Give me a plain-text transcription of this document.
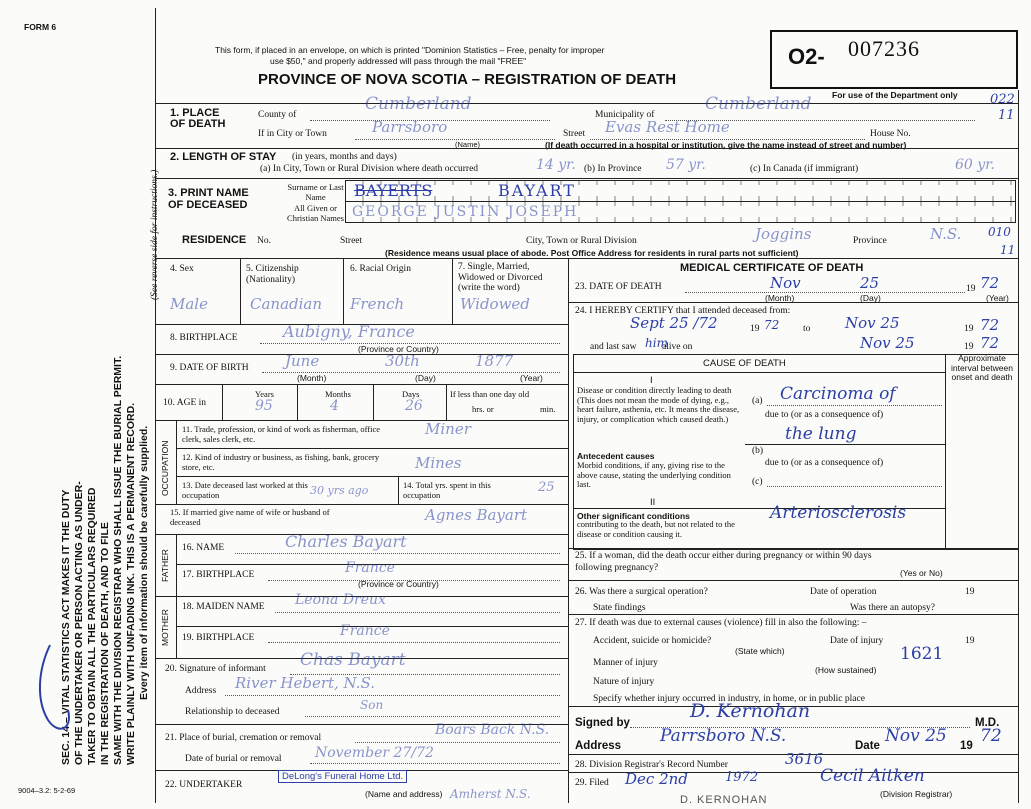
FORM 6
SEC. 14 – VITAL STATISTICS ACT MAKES IT THE DUTY OF THE UNDERTAKER OR PERSON ACTING AS UNDER- TAKER TO OBTAIN ALL THE PARTICULARS REQUIRED IN THE REGISTRATION OF DEATH, AND TO FILE SAME WITH THE DIVISION REGISTRAR WHO SHALL ISSUE THE BURIAL PERMIT. WRITE PLAINLY WITH UNFADING INK. THIS IS A PERMANENT RECORD. Every item of information should be carefully supplied.
(See reverse side for instructions.)
9004–3.2: 5-2-69
This form, if placed in an envelope, on which is printed "Dominion Statistics – Free, penalty for improper
use $50," and properly addressed will pass through the mail "FREE"
PROVINCE OF NOVA SCOTIA – REGISTRATION OF DEATH
O2- 007236
For use of the Department only 022
11
1. PLACE OF DEATH
County of
Cumberland
Municipality of
Cumberland
If in City or Town	Parrsboro
(Name)
Street Evas Rest Home	House No.
(If death occurred in a hospital or institution, give the name instead of street and number)
2. LENGTH OF STAY (in years, months and days)
(a) In City, Town or Rural Division where death occurred	14 yr. (b) In Province 57 yr.	(c) In Canada (if immigrant)	60 yr.
3. PRINT NAME OF DECEASED
Surname or Last Name
All Given or Christian Names
BAYERTS	BAYART
GEORGE JUSTIN JOSEPH
RESIDENCE No.	Street	City, Town or Rural Division	Joggins	Province	N.S. 010
11
(Residence means usual place of abode. Post Office Address for residents in rural parts not sufficient)
4. Sex	5. Citizenship (Nationality)
6. Racial Origin	7. Single, Married, Widowed or Divorced (write the word)
Male	Canadian French	Widowed
8. BIRTHPLACE	Aubigny, France
(Province or Country)
9. DATE OF BIRTH June	30th	1877
(Month)	(Day)	(Year)
10. AGE in
Years	Months	Days
95	4	26
If less than one day old
hrs. or	min.
OCCUPATION
11. Trade, profession, or kind of work as fisherman, office clerk, sales clerk, etc.
Miner
12. Kind of industry or business, as fishing, bank, grocery store, etc.	Mines
13. Date deceased last worked at this occupation	30 yrs ago	14. Total yrs. spent in this occupation	25
15. If married give name of wife or husband of deceased	Agnes Bayart
FATHER
16. NAME	Charles Bayart
17. BIRTHPLACE	France
(Province or Country)
MOTHER
18. MAIDEN NAME Leona Dreux
19. BIRTHPLACE	France
20. Signature of informant Chas Bayart
Address River Hebert, N.S.
Relationship to deceased	Son
21. Place of burial, cremation or removal	Boars Back N.S.
Date of burial or removal November 27/72
22. UNDERTAKER
DeLong's Funeral Home Ltd.
(Name and address) Amherst N.S.
MEDICAL CERTIFICATE OF DEATH
23. DATE OF DEATH	Nov	25	19 72
(Month)	(Day)	(Year)
24. I HEREBY CERTIFY that I attended deceased from:
Sept 25 /72	19 72 to Nov 25	19 72
and last saw him
alive on	Nov 25	19 72
CAUSE OF DEATH	Approximate interval between onset and death
I
Disease or condition directly leading to death (This does not mean the mode of dying, e.g., heart failure, asthenia, etc. It means the disease, injury, or complication which caused death.)
(a) Carcinoma of
due to (or as a consequence of)
the lung
(b)
Antecedent causes
Morbid conditions, if any, giving rise to the above cause, stating the underlying condition last.
due to (or as a consequence of)
(c)
II
Other significant conditions
contributing to the death, but not related to the disease or condition causing it.
Arteriosclerosis
25. If a woman, did the death occur either during pregnancy or within 90 days following pregnancy?	(Yes or No)
26. Was there a surgical operation?	Date of operation	19
State findings	Was there an autopsy?
27. If death was due to external causes (violence) fill in also the following: –
Accident, suicide or homicide?	Date of injury	19
(State which)	1621
Manner of injury
(How sustained)
Nature of injury
Specify whether injury occurred in industry, in home, or in public place
Signed by
D. Kernohan
M.D.
Address Parrsboro N.S.	Date Nov 25 19 72
28. Division Registrar's Record Number	3616
29. Filed Dec 2nd	1972	Cecil Aitken
(Division Registrar)
D. KERNOHAN
